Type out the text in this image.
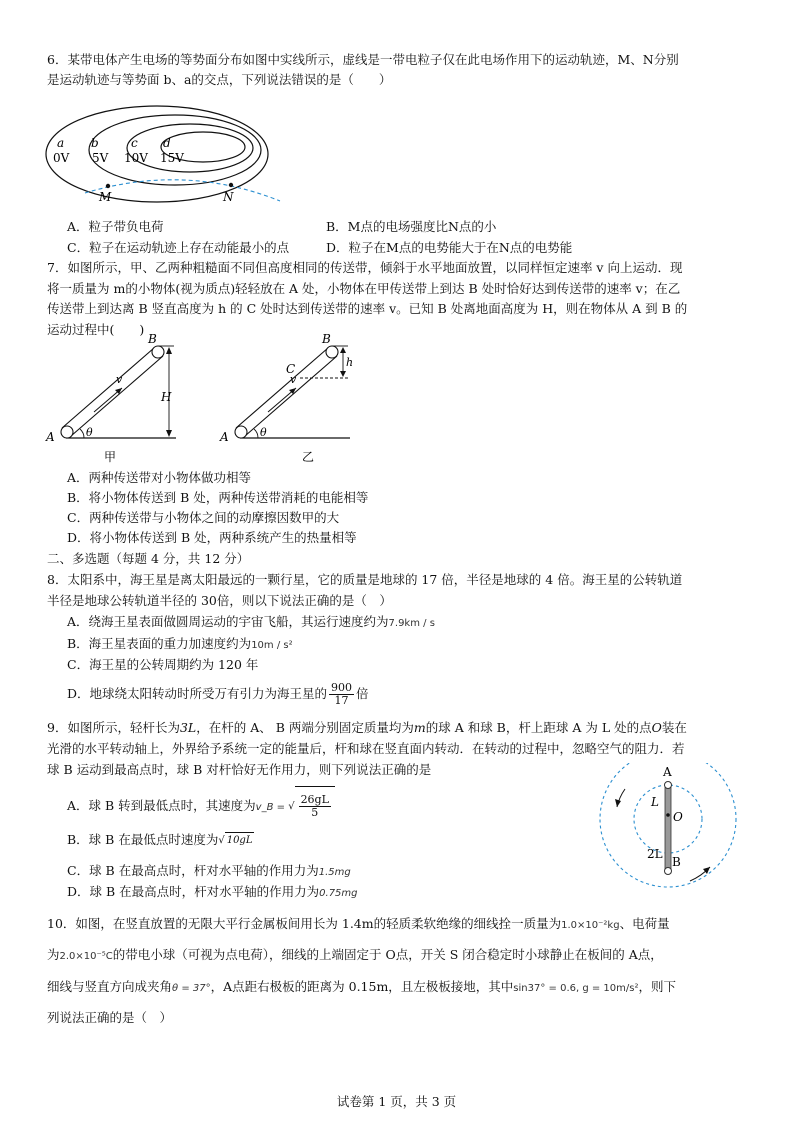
6．某带电体产生电场的等势面分布如图中实线所示，虚线是一带电粒子仅在此电场作用下的运动轨迹，M、N分别
是运动轨迹与等势面 b、a的交点，下列说法错误的是（　　）
a
0V
b
5V
c
10V
d
15V
M	N
A．粒子带负电荷	B．M点的电场强度比N点的小
C．粒子在运动轨迹上存在动能最小的点	D．粒子在M点的电势能大于在N点的电势能
7．如图所示，甲、乙两种粗糙面不同但高度相同的传送带，倾斜于水平地面放置，以同样恒定速率 v 向上运动．现
将一质量为 m的小物体(视为质点)轻轻放在 A 处，小物体在甲传送带上到达 B 处时恰好达到传送带的速率 v；在乙
传送带上到达离 B 竖直高度为 h 的 C 处时达到传送带的速率 v。已知 B 处离地面高度为 H，则在物体从 A 到 B 的
运动过程中(　　)
A
B
v
θ
H
甲
A
B
C
v
θ
h
乙
A．两种传送带对小物体做功相等
B．将小物体传送到 B 处，两种传送带消耗的电能相等
C．两种传送带与小物体之间的动摩擦因数甲的大
D．将小物体传送到 B 处，两种系统产生的热量相等
二、多选题（每题 4 分，共 12 分）
8．太阳系中，海王星是离太阳最远的一颗行星，它的质量是地球的 17 倍，半径是地球的 4 倍。海王星的公转轨道
半径是地球公转轨道半径的 30倍，则以下说法正确的是（　）
A．绕海王星表面做圆周运动的宇宙飞船，其运行速度约为7.9km / s
B．海王星表面的重力加速度约为10m / s²
C．海王星的公转周期约为 120 年
D．地球绕太阳转动时所受万有引力为海王星的 $\frac{900}{17}$ 倍
9．如图所示，轻杆长为3L，在杆的 A、 B 两端分别固定质量均为m的球 A 和球 B，杆上距球 A 为 L 处的点O装在
光滑的水平转动轴上，外界给予系统一定的能量后，杆和球在竖直面内转动．在转动的过程中，忽略空气的阻力．若
球 B 运动到最高点时，球 B 对杆恰好无作用力，则下列说法正确的是
A．球 B 转到最低点时，其速度为v_B = √ $\frac{26gL}{5}$
B．球 B 在最低点时速度为√ 10gL
C．球 B 在最高点时，杆对水平轴的作用力为1.5mg
D．球 B 在最高点时，杆对水平轴的作用力为0.75mg
A
L
O
2L
B
10．如图，在竖直放置的无限大平行金属板间用长为 1.4m的轻质柔软绝缘的细线拴一质量为1.0×10⁻²kg、电荷量
为2.0×10⁻⁵C的带电小球（可视为点电荷），细线的上端固定于 O点，开关 S 闭合稳定时小球静止在板间的 A点，
细线与竖直方向成夹角θ = 37°，A点距右极板的距离为 0.15m，且左极板接地，其中sin37° = 0.6, g = 10m/s²，则下
列说法正确的是（　）
试卷第 1 页，共 3 页
